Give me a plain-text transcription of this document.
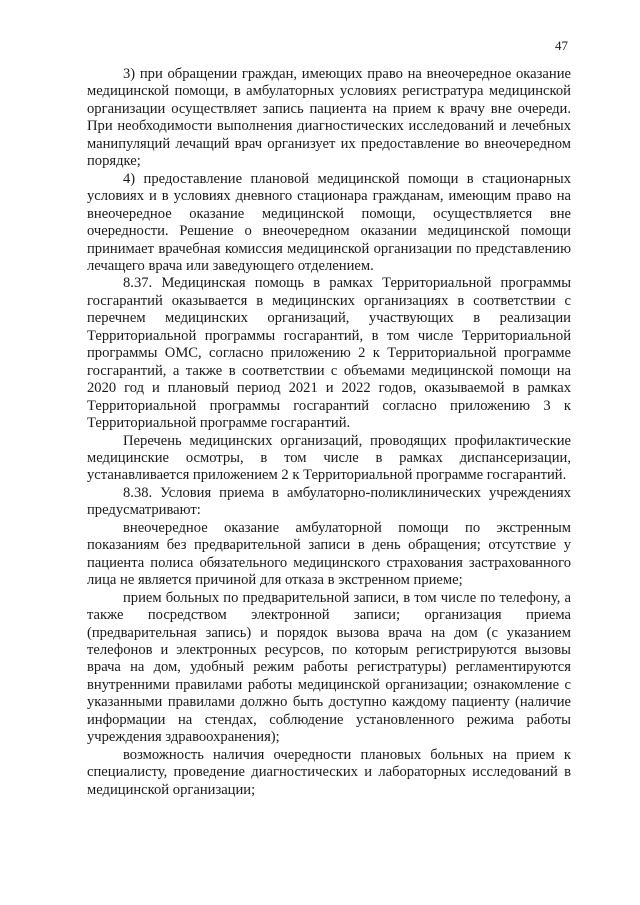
47

3) при обращении граждан, имеющих право на внеочередное оказание медицинской помощи, в амбулаторных условиях регистратура медицинской организации осуществляет запись пациента на прием к врачу вне очереди. При необходимости выполнения диагностических исследований и лечебных манипуляций лечащий врач организует их предоставление во внеочередном порядке;

4) предоставление плановой медицинской помощи в стационарных условиях и в условиях дневного стационара гражданам, имеющим право на внеочередное оказание медицинской помощи, осуществляется вне очередности. Решение о внеочередном оказании медицинской помощи принимает врачебная комиссия медицинской организации по представлению лечащего врача или заведующего отделением.

8.37. Медицинская помощь в рамках Территориальной программы госгарантий оказывается в медицинских организациях в соответствии с перечнем медицинских организаций, участвующих в реализации Территориальной программы госгарантий, в том числе Территориальной программы ОМС, согласно приложению 2 к Территориальной программе госгарантий, а также в соответствии с объемами медицинской помощи на 2020 год и плановый период 2021 и 2022 годов, оказываемой в рамках Территориальной программы госгарантий согласно приложению 3 к Территориальной программе госгарантий.

Перечень медицинских организаций, проводящих профилактические медицинские осмотры, в том числе в рамках диспансеризации, устанавливается приложением 2 к Территориальной программе госгарантий.

8.38. Условия приема в амбулаторно-поликлинических учреждениях предусматривают:

внеочередное оказание амбулаторной помощи по экстренным показаниям без предварительной записи в день обращения; отсутствие у пациента полиса обязательного медицинского страхования застрахованного лица не является причиной для отказа в экстренном приеме;

прием больных по предварительной записи, в том числе по телефону, а также посредством электронной записи; организация приема (предварительная запись) и порядок вызова врача на дом (с указанием телефонов и электронных ресурсов, по которым регистрируются вызовы врача на дом, удобный режим работы регистратуры) регламентируются внутренними правилами работы медицинской организации; ознакомление с указанными правилами должно быть доступно каждому пациенту (наличие информации на стендах, соблюдение установленного режима работы учреждения здравоохранения);

возможность наличия очередности плановых больных на прием к специалисту, проведение диагностических и лабораторных исследований в медицинской организации;
